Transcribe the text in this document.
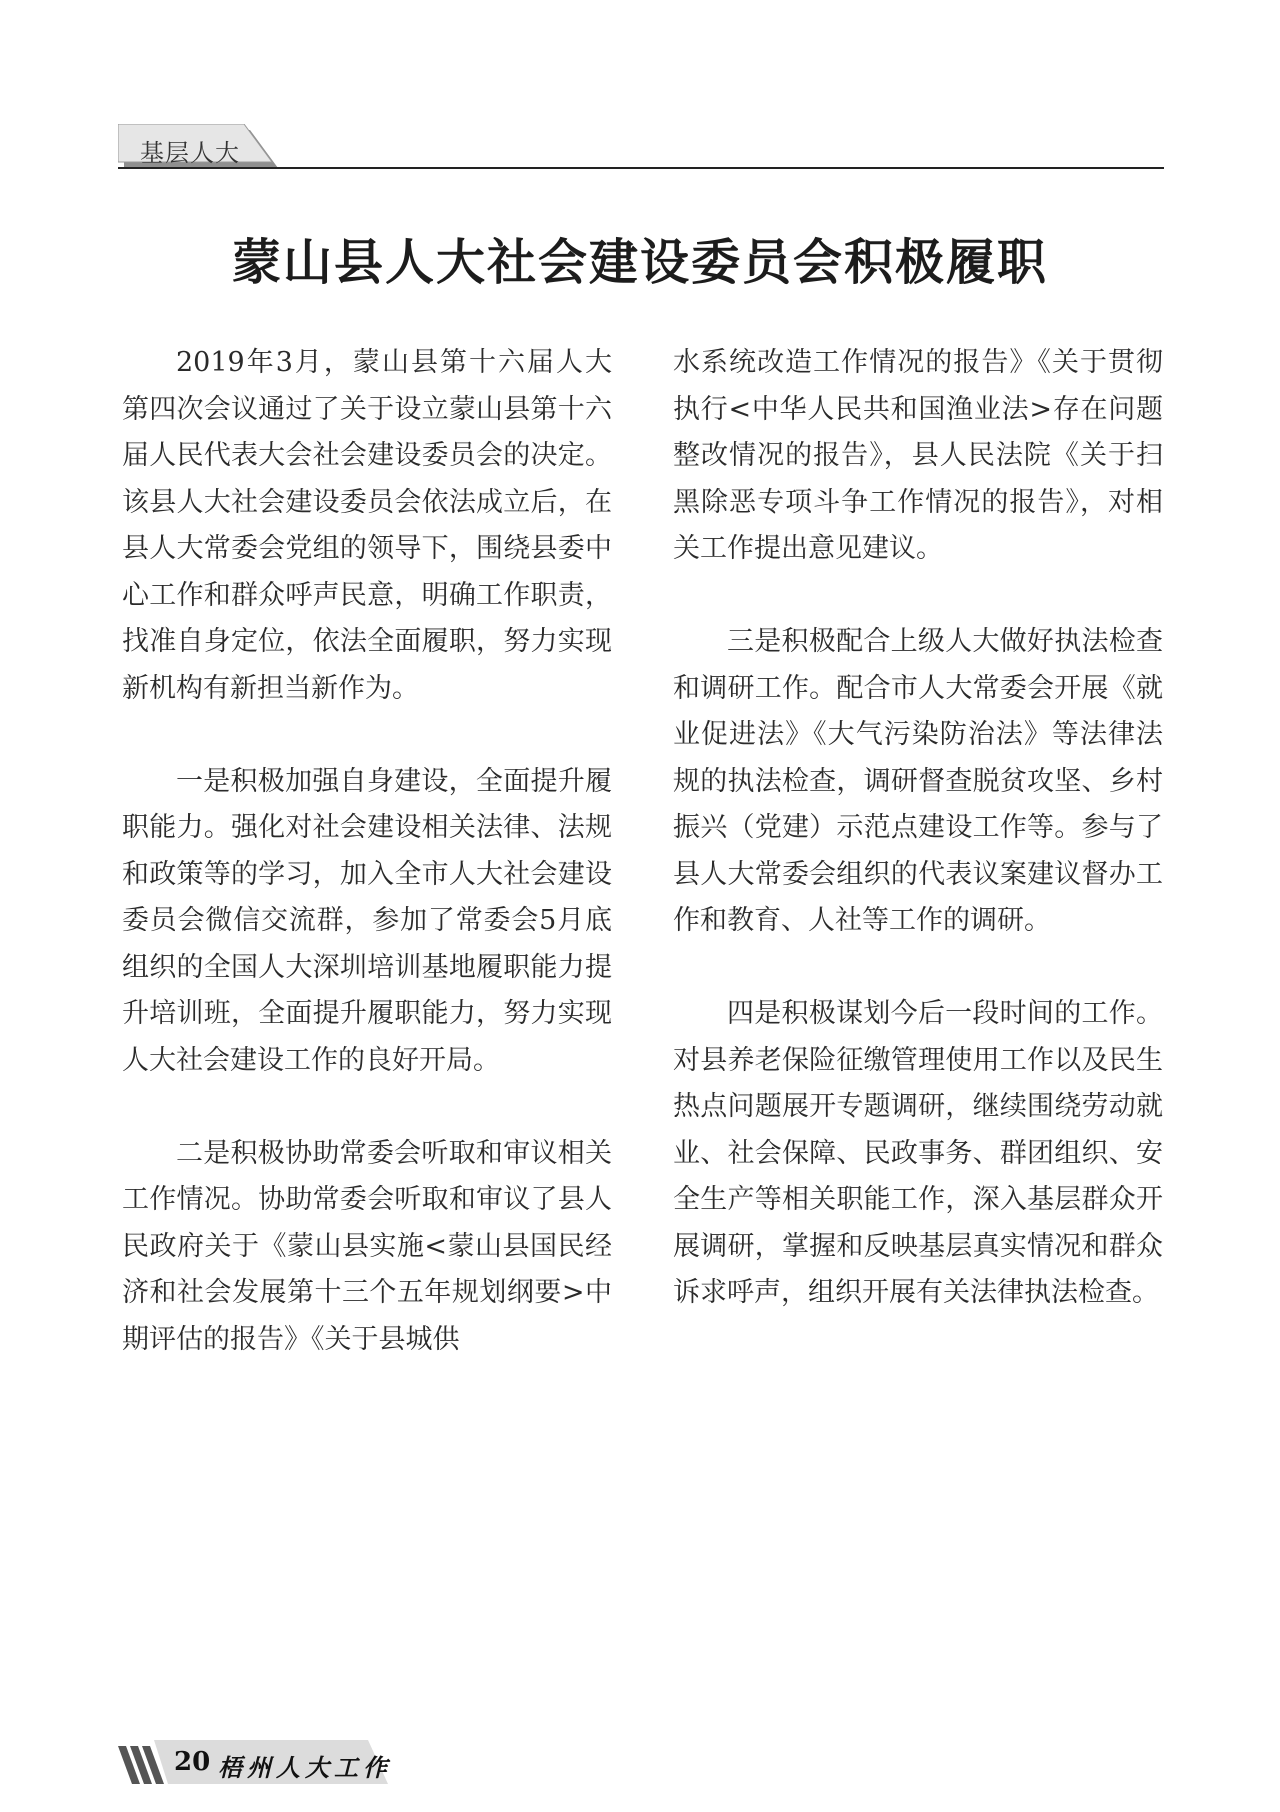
基层人大
蒙山县人大社会建设委员会积极履职

2019年3月，蒙山县第十六届人大第四次会议通过了关于设立蒙山县第十六届人民代表大会社会建设委员会的决定。该县人大社会建设委员会依法成立后，在县人大常委会党组的领导下，围绕县委中心工作和群众呼声民意，明确工作职责，找准自身定位，依法全面履职，努力实现新机构有新担当新作为。

一是积极加强自身建设，全面提升履职能力。强化对社会建设相关法律、法规和政策等的学习，加入全市人大社会建设委员会微信交流群，参加了常委会5月底组织的全国人大深圳培训基地履职能力提升培训班，全面提升履职能力，努力实现人大社会建设工作的良好开局。

二是积极协助常委会听取和审议相关工作情况。协助常委会听取和审议了县人民政府关于《蒙山县实施<蒙山县国民经济和社会发展第十三个五年规划纲要>中期评估的报告》《关于县城供

水系统改造工作情况的报告》《关于贯彻执行<中华人民共和国渔业法>存在问题整改情况的报告》，县人民法院《关于扫黑除恶专项斗争工作情况的报告》，对相关工作提出意见建议。

三是积极配合上级人大做好执法检查和调研工作。配合市人大常委会开展《就业促进法》《大气污染防治法》等法律法规的执法检查，调研督查脱贫攻坚、乡村振兴（党建）示范点建设工作等。参与了县人大常委会组织的代表议案建议督办工作和教育、人社等工作的调研。

四是积极谋划今后一段时间的工作。对县养老保险征缴管理使用工作以及民生热点问题展开专题调研，继续围绕劳动就业、社会保障、民政事务、群团组织、安全生产等相关职能工作，深入基层群众开展调研，掌握和反映基层真实情况和群众诉求呼声，组织开展有关法律执法检查。

20 梧州人大工作
